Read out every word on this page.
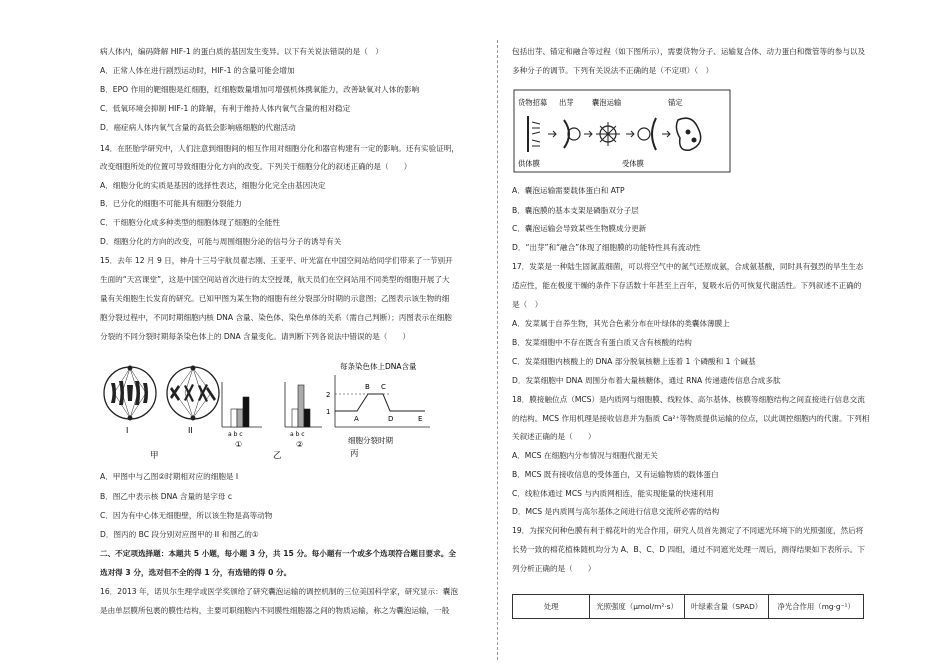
病人体内，编码降解 HIF-1 的蛋白质的基因发生变异。以下有关说法错误的是（　）
A．正常人体在进行剧烈运动时，HIF-1 的含量可能会增加
B．EPO 作用的靶细胞是红细胞，红细胞数量增加可增强机体携氧能力，改善缺氧对人体的影响
C．低氧环境会抑制 HIF-1 的降解，有利于维持人体内氧气含量的相对稳定
D．癌症病人体内氧气含量的高低会影响癌细胞的代谢活动
14．在胚胎学研究中，人们注意到细胞间的相互作用对细胞分化和器官构建有一定的影响。还有实验证明，
改变细胞所处的位置可导致细胞分化方向的改变。下列关于细胞分化的叙述正确的是（　　）
A．细胞分化的实质是基因的选择性表达，细胞分化完全由基因决定
B．已分化的细胞不可能具有细胞分裂能力
C．干细胞分化成多种类型的细胞体现了细胞的全能性
D．细胞分化的方向的改变，可能与周围细胞分泌的信号分子的诱导有关
15．去年 12 月 9 日，神舟十三号宇航员翟志刚、王亚平、叶光富在中国空间站给同学们带来了一节别开
生面的“天宫课堂”，这是中国空间站首次进行的太空授课，航天员们在空间站用不同类型的细胞开展了大
量有关细胞生长发育的研究。已知甲图为某生物的细胞有丝分裂部分时期的示意图；乙图表示该生物的细
胞分裂过程中，不同时期细胞内核 DNA 含量、染色体、染色单体的关系（需自己判断）；丙图表示在细胞
分裂的不同分裂时期每条染色体上的 DNA 含量变化。请判断下列各说法中错误的是（　　）
I	II
甲
a b c
①
a b c
②
乙
每条染色体上DNA含量
2
1
A
B C
D	E
细胞分裂时期
丙
A．甲图中与乙图②时期相对应的细胞是 I
B．图乙中表示核 DNA 含量的是字母 c
C．因为有中心体无细胞壁，所以该生物是高等动物
D．图丙的 BC 段分别对应图甲的 II 和图乙的①
二、不定项选择题：本题共 5 小题，每小题 3 分，共 15 分。每小题有一个或多个选项符合题目要求。全
选对得 3 分，选对但不全的得 1 分，有选错的得 0 分。
16．2013 年，诺贝尔生理学或医学奖颁给了研究囊泡运输的调控机制的三位美国科学家，研究显示：囊泡
是由单层膜所包裹的膜性结构，主要司职细胞内不同膜性细胞器之间的物质运输，称之为囊泡运输，一般
包括出芽、锚定和融合等过程（如下图所示），需要货物分子、运输复合体、动力蛋白和微管等的参与以及
多种分子的调节。下列有关说法不正确的是（不定项）（　）
货物招募 出芽	囊泡运输	锚定
供体膜	受体膜
A．囊泡运输需要载体蛋白和 ATP
B．囊泡膜的基本支架是磷脂双分子层
C．囊泡运输会导致某些生物膜成分更新
D．“出芽”和“融合”体现了细胞膜的功能特性具有流动性
17．发菜是一种陆生固氮蓝细菌，可以将空气中的氮气还原成氨，合成氨基酸，同时具有强烈的旱生生态
适应性，能在极度干燥的条件下存活数十年甚至上百年，复吸水后仍可恢复代谢活性。下列叙述不正确的
是（　）
A．发菜属于自养生物，其光合色素分布在叶绿体的类囊体薄膜上
B．发菜细胞中不存在既含有蛋白质又含有核酸的结构
C．发菜细胞内核酸上的 DNA 部分脱氧核糖上连着 1 个磷酸和 1 个碱基
D．发菜细胞中 DNA 周围分布着大量核糖体，通过 RNA 传递遗传信息合成多肽
18．膜接触位点（MCS）是内质网与细胞膜、线粒体、高尔基体、核膜等细胞结构之间直接进行信息交流
的结构。MCS 作用机理是接收信息并为脂质 Ca²⁺等物质提供运输的位点，以此调控细胞内的代谢。下列相
关叙述正确的是（　　）
A．MCS 在细胞内分布情况与细胞代谢无关
B．MCS 既有接收信息的受体蛋白，又有运输物质的载体蛋白
C．线粒体通过 MCS 与内质网相连，能实现能量的快速利用
D．MCS 是内质网与高尔基体之间进行信息交流所必需的结构
19．为探究何种色膜有利于棉花叶的光合作用，研究人员首先测定了不同遮光环境下的光照强度，然后将
长势一致的棉花植株随机均分为 A、B、C、D 四组，通过不同遮光处理一周后，测得结果如下表所示。下
列分析正确的是（　　）
处理	光照强度（μmol/m²·s）	叶绿素含量（SPAD）	净光合作用（mg·g⁻¹）
